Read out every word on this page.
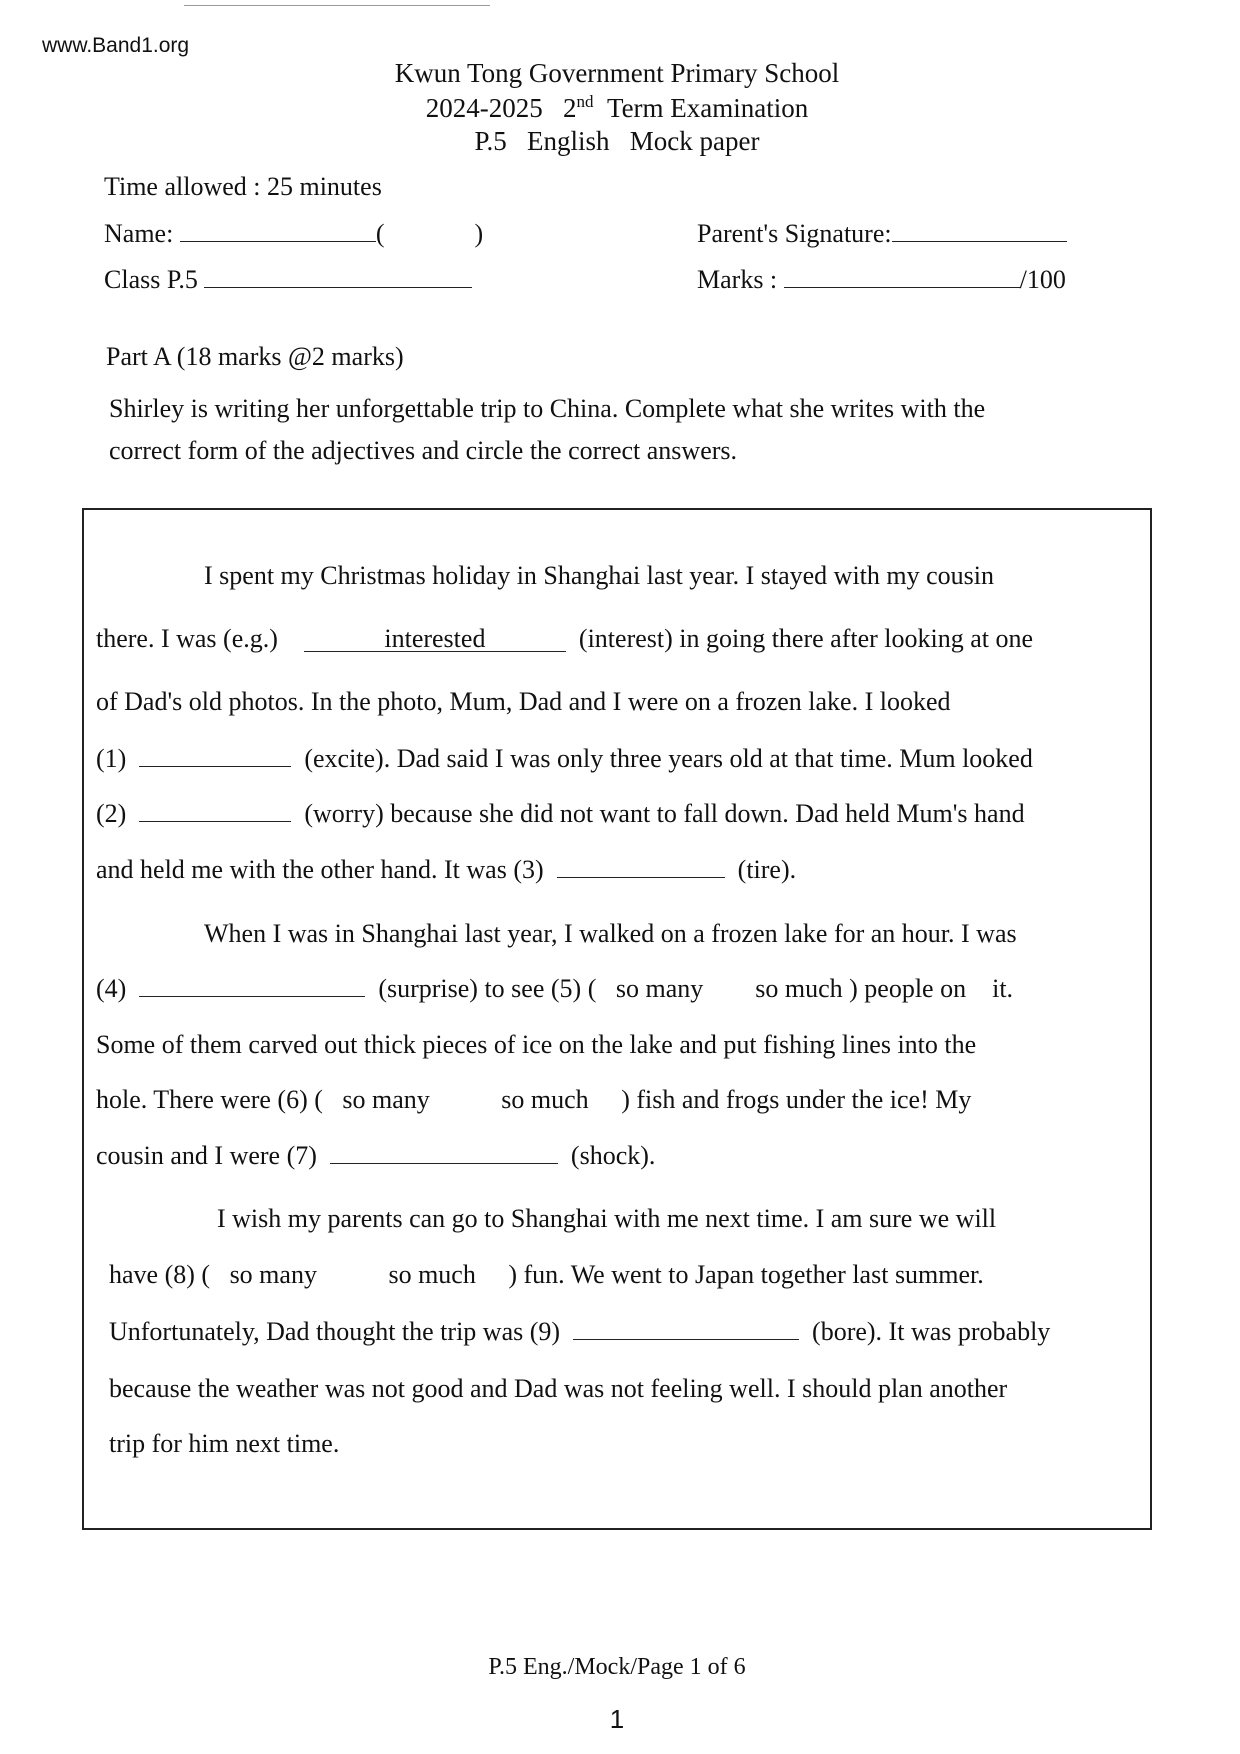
www.Band1.org
Kwun Tong Government Primary School
2024-2025 2nd Term Examination
P.5   English   Mock paper
Time allowed : 25 minutes
Name:	(	)	Parent's Signature:
Class P.5	Marks :	/100
Part A (18 marks @2 marks)
Shirley is writing her unforgettable trip to China. Complete what she writes with the
correct form of the adjectives and circle the correct answers.
I spent my Christmas holiday in Shanghai last year. I stayed with my cousin
there. I was (e.g.)	interested	(interest) in going there after looking at one
of Dad's old photos. In the photo, Mum, Dad and I were on a frozen lake. I looked
(1)	(excite). Dad said I was only three years old at that time. Mum looked
(2)	(worry) because she did not want to fall down. Dad held Mum's hand
and held me with the other hand. It was (3)	(tire).
When I was in Shanghai last year, I walked on a frozen lake for an hour. I was
(4)	(surprise) to see (5) ( so many so much ) people on it.
Some of them carved out thick pieces of ice on the lake and put fishing lines into the
hole. There were (6) ( so many	so much ) fish and frogs under the ice! My
cousin and I were (7)	(shock).
I wish my parents can go to Shanghai with me next time. I am sure we will
have (8) ( so many	so much ) fun. We went to Japan together last summer.
Unfortunately, Dad thought the trip was (9)	(bore). It was probably
because the weather was not good and Dad was not feeling well. I should plan another
trip for him next time.
P.5 Eng./Mock/Page 1 of 6
1
